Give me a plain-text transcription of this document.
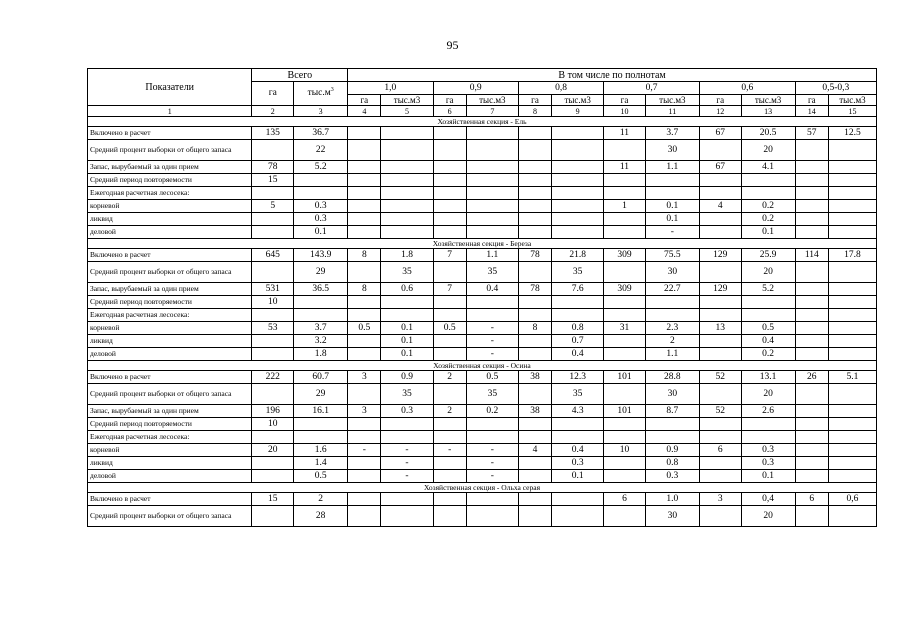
95
Показатели	Всего		В том числе по полнотам											
	га	$тыс.м^3$	1,0		0,9		0,8		0,7		0,6		0,5-0,3	
			га	тыс.м3	га	тыс.м3	га	тыс.м3	га	тыс.м3	га	тыс.м3	га	тыс.м3
1	2	3	4	5	6	7	8	9	10	11	12	13	14	15
Хозяйственная секция - Ель														
Включено в расчет	135	36.7							11	3.7	67	20.5	57	12.5
Средний процент выборки от общего запаса		22								30		20		
Запас, вырубаемый за один прием	78	5.2							11	1.1	67	4.1		
Средний период повторяемости	15													
Ежегодная расчетная лесосека:														
корневой	5	0.3							1	0.1	4	0.2		
ликвид		0.3								0.1		0.2		
деловой		0.1								-		0.1		
Хозяйственная секция - Береза														
Включено в расчет	645	143.9	8	1.8	7	1.1	78	21.8	309	75.5	129	25.9	114	17.8
Средний процент выборки от общего запаса		29		35		35		35		30		20		
Запас, вырубаемый за один прием	531	36.5	8	0.6	7	0.4	78	7.6	309	22.7	129	5.2		
Средний период повторяемости	10													
Ежегодная расчетная лесосека:														
корневой	53	3.7	0.5	0.1	0.5	-	8	0.8	31	2.3	13	0.5		
ликвид		3.2		0.1		-		0.7		2		0.4		
деловой		1.8		0.1		-		0.4		1.1		0.2		
Хозяйственная секция - Осина														
Включено в расчет	222	60.7	3	0.9	2	0.5	38	12.3	101	28.8	52	13.1	26	5.1
Средний процент выборки от общего запаса		29		35		35		35		30		20		
Запас, вырубаемый за один прием	196	16.1	3	0.3	2	0.2	38	4.3	101	8.7	52	2.6		
Средний период повторяемости	10													
Ежегодная расчетная лесосека:														
корневой	20	1.6	-	-	-	-	4	0.4	10	0.9	6	0.3		
ликвид		1.4		-		-		0.3		0.8		0.3		
деловой		0.5		-		-		0.1		0.3		0.1		
Хозяйственная секция - Ольха серая														
Включено в расчет	15	2							6	1.0	3	0,4	6	0,6
Средний процент выборки от общего запаса		28								30		20		
